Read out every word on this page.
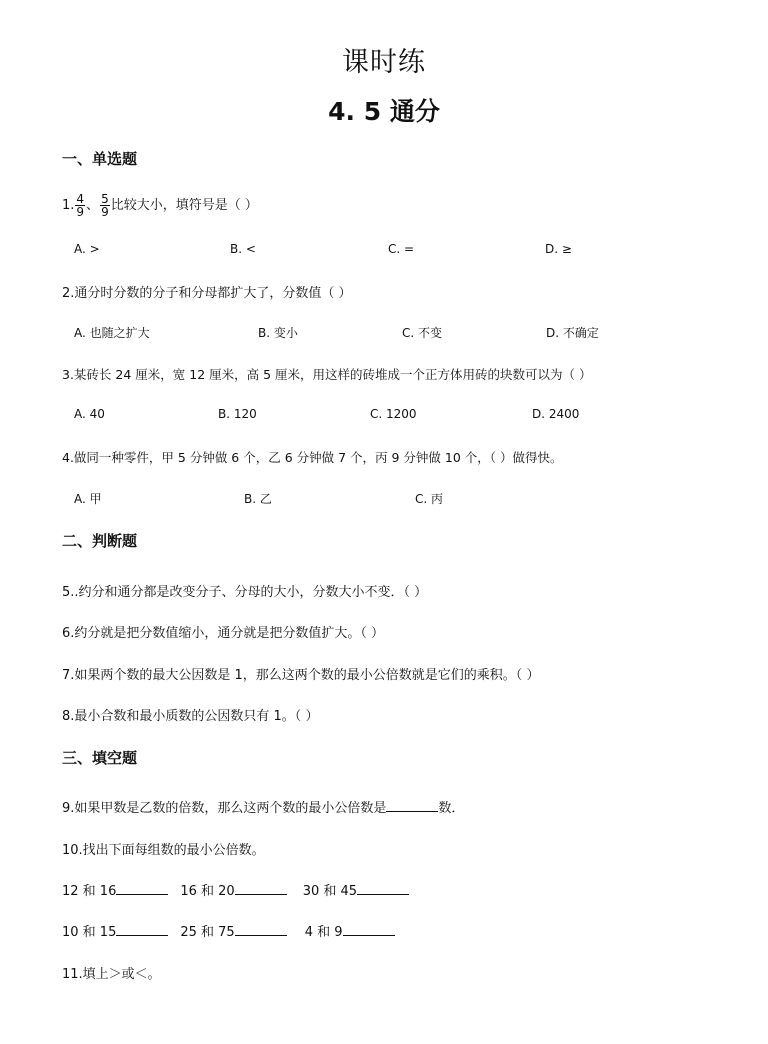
课时练
4. 5 通分
一、单选题
1. $\frac{4}{9}$ 、 $\frac{5}{9}$ 比较大小，填符号是（ ）
A. >	B. <	C. =	D. ≥
2.通分时分数的分子和分母都扩大了，分数值（ ）
A. 也随之扩大	B. 变小	C. 不变	D. 不确定
3.某砖长 24 厘米，宽 12 厘米，高 5 厘米，用这样的砖堆成一个正方体用砖的块数可以为（ ）
A. 40	B. 120	C. 1200	D. 2400
4.做同一种零件，甲 5 分钟做 6 个，乙 6 分钟做 7 个，丙 9 分钟做 10 个，（ ）做得快。
A. 甲	B. 乙	C. 丙
二、判断题
5..约分和通分都是改变分子、分母的大小，分数大小不变．（ ）
6.约分就是把分数值缩小，通分就是把分数值扩大。（ ）
7.如果两个数的最大公因数是 1，那么这两个数的最小公倍数就是它们的乘积。（ ）
8.最小合数和最小质数的公因数只有 1。（ ）
三、填空题
9.如果甲数是乙数的倍数，那么这两个数的最小公倍数是	数．
10.找出下面每组数的最小公倍数。
12 和 16	16 和 20	30 和 45
10 和 15	25 和 75	4 和 9
11.填上＞或＜。
